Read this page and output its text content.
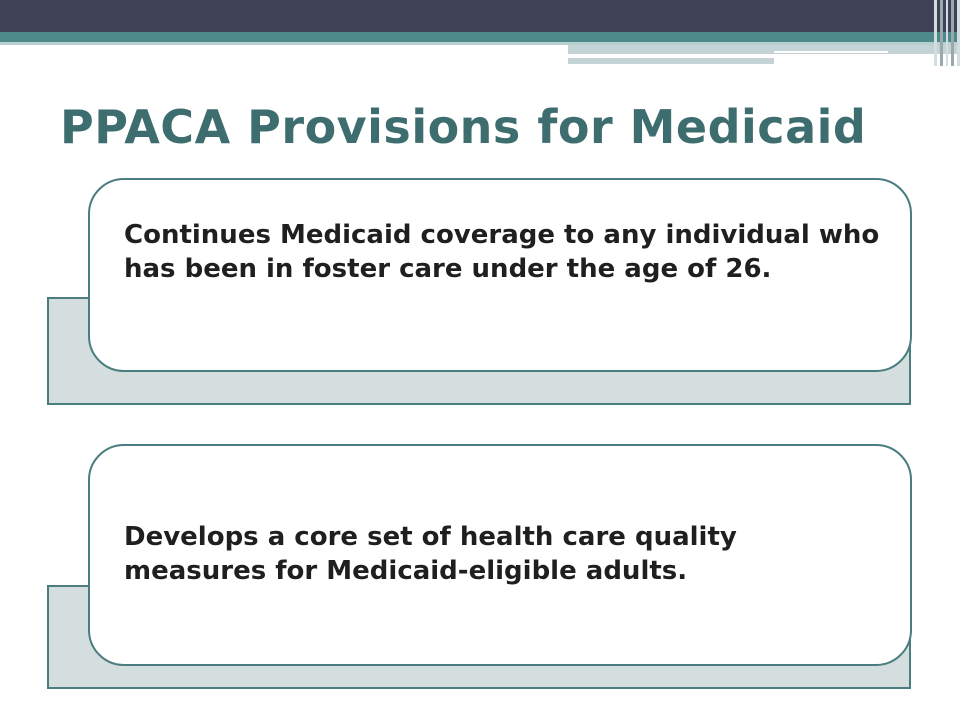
PPACA Provisions for Medicaid

Continues Medicaid coverage to any individual who has been in foster care under the age of 26.

Develops a core set of health care quality measures for Medicaid-eligible adults.
